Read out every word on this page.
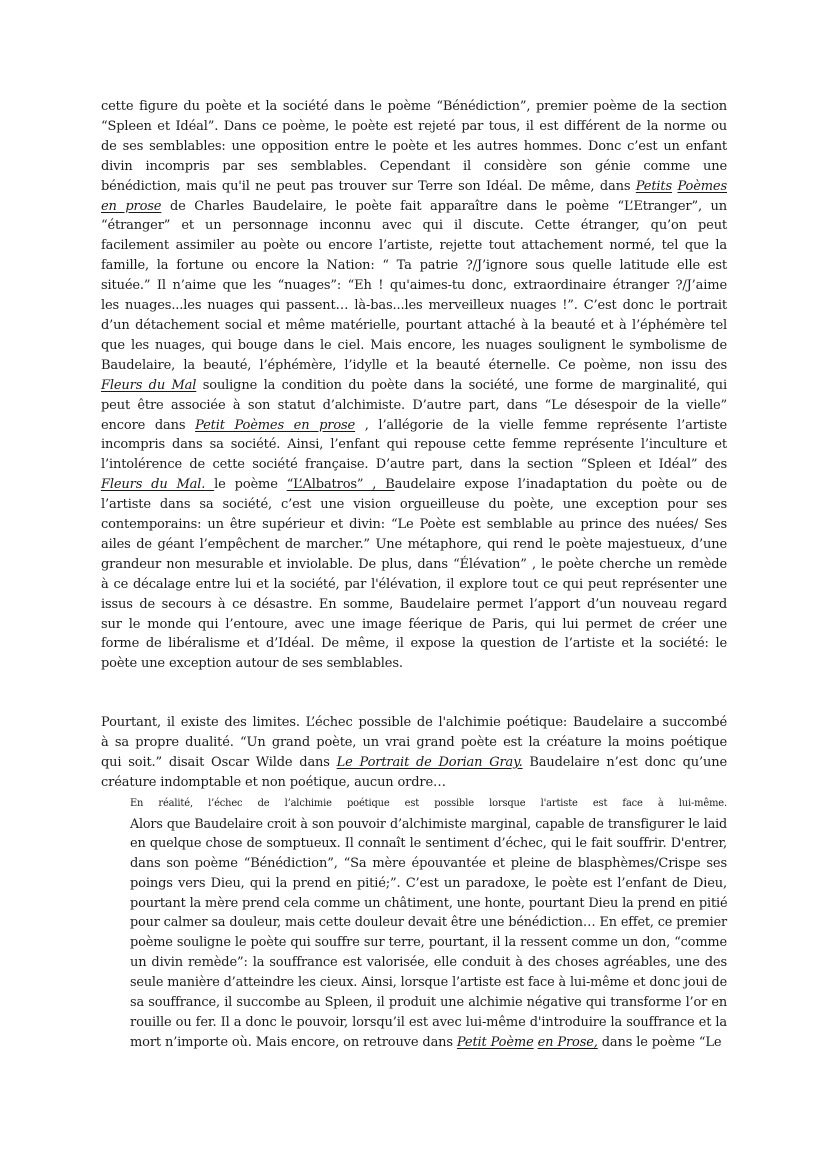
cette figure du poète et la société dans le poème “Bénédiction”, premier poème de la section
“Spleen et Idéal”. Dans ce poème, le poète est rejeté par tous, il est différent de la norme ou
de ses semblables: une opposition entre le poète et les autres hommes. Donc c’est un enfant
divin incompris par ses semblables. Cependant il considère son génie comme une
bénédiction, mais qu'il ne peut pas trouver sur Terre son Idéal. De même, dans Petits Poèmes
en prose de Charles Baudelaire, le poète fait apparaître dans le poème “L’Etranger”, un
“étranger” et un personnage inconnu avec qui il discute. Cette étranger, qu’on peut
facilement assimiler au poète ou encore l’artiste, rejette tout attachement normé, tel que la
famille, la fortune ou encore la Nation: “ Ta patrie ?/J’ignore sous quelle latitude elle est
située.” Il n’aime que les “nuages”: “Eh ! qu'aimes-tu donc, extraordinaire étranger ?/J’aime
les nuages...les nuages qui passent… là-bas...les merveilleux nuages !”. C’est donc le portrait
d’un détachement social et même matérielle, pourtant attaché à la beauté et à l’éphémère tel
que les nuages, qui bouge dans le ciel. Mais encore, les nuages soulignent le symbolisme de
Baudelaire, la beauté, l’éphémère, l’idylle et la beauté éternelle. Ce poème, non issu des
Fleurs du Mal souligne la condition du poète dans la société, une forme de marginalité, qui
peut être associée à son statut d’alchimiste. D’autre part, dans “Le désespoir de la vielle”
encore dans Petit Poèmes en prose , l’allégorie de la vielle femme représente l’artiste
incompris dans sa société. Ainsi, l’enfant qui repouse cette femme représente l’inculture et
l’intolérence de cette société française. D’autre part, dans la section “Spleen et Idéal” des
Fleurs du Mal. le poème “L’Albatros” , Baudelaire expose l’inadaptation du poète ou de
l’artiste dans sa société, c’est une vision orgueilleuse du poète, une exception pour ses
contemporains: un être supérieur et divin: “Le Poète est semblable au prince des nuées/ Ses
ailes de géant l’empêchent de marcher.” Une métaphore, qui rend le poète majestueux, d’une
grandeur non mesurable et inviolable. De plus, dans “Élévation” , le poète cherche un remède
à ce décalage entre lui et la société, par l'élévation, il explore tout ce qui peut représenter une
issus de secours à ce désastre. En somme, Baudelaire permet l’apport d’un nouveau regard
sur le monde qui l’entoure, avec une image féerique de Paris, qui lui permet de créer une
forme de libéralisme et d’Idéal. De même, il expose la question de l’artiste et la société: le
poète une exception autour de ses semblables.
Pourtant, il existe des limites. L’échec possible de l'alchimie poétique: Baudelaire a succombé
à sa propre dualité. “Un grand poète, un vrai grand poète est la créature la moins poétique
qui soit.” disait Oscar Wilde dans Le Portrait de Dorian Gray. Baudelaire n’est donc qu’une
créature indomptable et non poétique, aucun ordre…
En réalité, l’échec de l’alchimie poétique est possible lorsque l'artiste est face à lui-même.
Alors que Baudelaire croit à son pouvoir d’alchimiste marginal, capable de transfigurer le laid
en quelque chose de somptueux. Il connaît le sentiment d’échec, qui le fait souffrir. D'entrer,
dans son poème “Bénédiction”, “Sa mère épouvantée et pleine de blasphèmes/Crispe ses
poings vers Dieu, qui la prend en pitié;”. C’est un paradoxe, le poète est l’enfant de Dieu,
pourtant la mère prend cela comme un châtiment, une honte, pourtant Dieu la prend en pitié
pour calmer sa douleur, mais cette douleur devait être une bénédiction… En effet, ce premier
poème souligne le poète qui souffre sur terre, pourtant, il la ressent comme un don, “comme
un divin remède”: la souffrance est valorisée, elle conduit à des choses agréables, une des
seule manière d’atteindre les cieux. Ainsi, lorsque l’artiste est face à lui-même et donc joui de
sa souffrance, il succombe au Spleen, il produit une alchimie négative qui transforme l’or en
rouille ou fer. Il a donc le pouvoir, lorsqu’il est avec lui-même d'introduire la souffrance et la
mort n’importe où. Mais encore, on retrouve dans Petit Poème en Prose, dans le poème “Le
